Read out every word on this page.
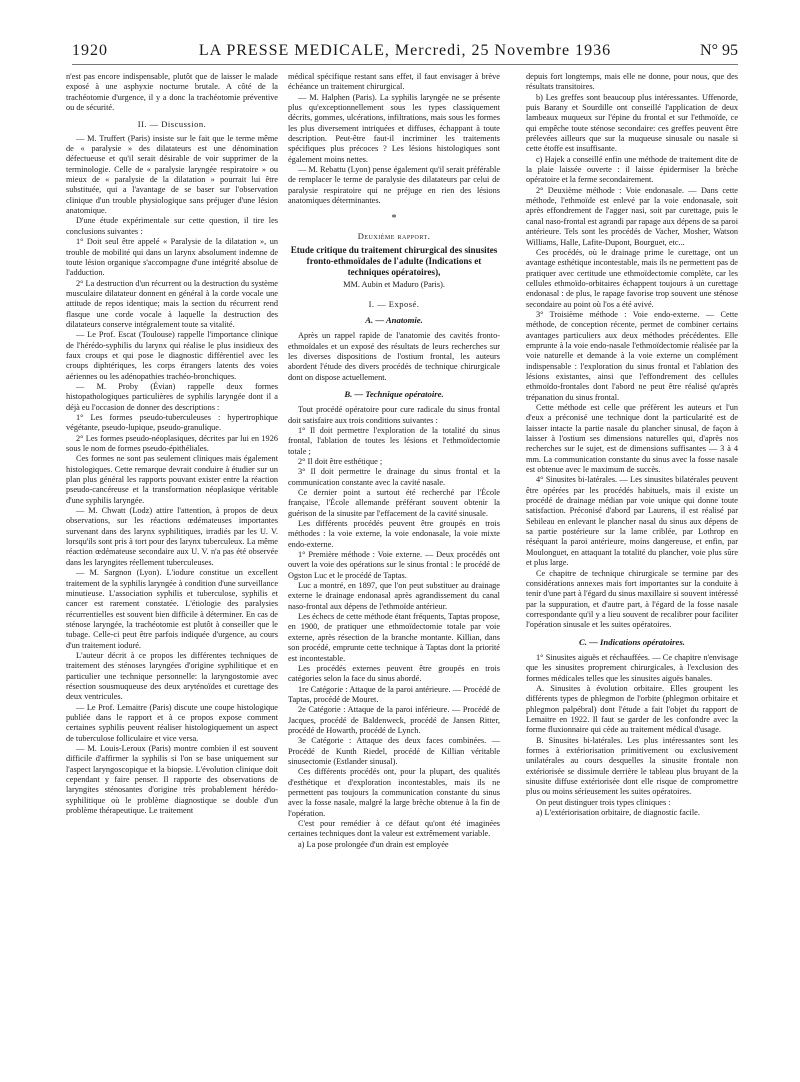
1920	LA PRESSE MEDICALE, Mercredi, 25 Novembre 1936	N° 95

n'est pas encore indispensable, plutôt que de laisser le malade exposé à une asphyxie nocturne brutale. A côté de la trachéotomie d'urgence, il y a donc la trachéotomie préventive ou de sécurité.

II. — Discussion.

— M. Truffert (Paris) insiste sur le fait que le terme même de « paralysie » des dilatateurs est une dénomination défectueuse et qu'il serait désirable de voir supprimer de la terminologie. Celle de « paralysie laryngée respiratoire » ou mieux de « paralysie de la dilatation » pourrait lui être substituée, qui a l'avantage de se baser sur l'observation clinique d'un trouble physiologique sans préjuger d'une lésion anatomique.

D'une étude expérimentale sur cette question, il tire les conclusions suivantes :

1° Doit seul être appelé « Paralysie de la dilatation », un trouble de mobilité qui dans un larynx absolument indemne de toute lésion organique s'accompagne d'une intégrité absolue de l'adduction.

2° La destruction d'un récurrent ou la destruction du système musculaire dilatateur donnent en général à la corde vocale une attitude de repos identique; mais la section du récurrent rend flasque une corde vocale à laquelle la destruction des dilatateurs conserve intégralement toute sa vitalité.

— Le Prof. Escat (Toulouse) rappelle l'importance clinique de l'hérédo-syphilis du larynx qui réalise le plus insidieux des faux croups et qui pose le diagnostic différentiel avec les croups diphtériques, les corps étrangers latents des voies aériennes ou les adénopathies trachéo-bronchiques.

— M. Proby (Évian) rappelle deux formes histopathologiques particulières de syphilis laryngée dont il a déjà eu l'occasion de donner des descriptions :

1° Les formes pseudo-tuberculeuses : hypertrophique végétante, pseudo-lupique, pseudo-granulique.

2° Les formes pseudo-néoplasiques, décrites par lui en 1926 sous le nom de formes pseudo-épithéliales.

Ces formes ne sont pas seulement cliniques mais également histologiques. Cette remarque devrait conduire à étudier sur un plan plus général les rapports pouvant exister entre la réaction pseudo-cancéreuse et la transformation néoplasique véritable d'une syphilis laryngée.

— M. Chwatt (Lodz) attire l'attention, à propos de deux observations, sur les réactions œdémateuses importantes survenant dans des larynx syphilitiques, irradiés par les U. V. lorsqu'ils sont pris à tort pour des larynx tuberculeux. La même réaction œdémateuse secondaire aux U. V. n'a pas été observée dans les laryngites réellement tuberculeuses.

— M. Sargnon (Lyon). L'iodure constitue un excellent traitement de la syphilis laryngée à condition d'une surveillance minutieuse. L'association syphilis et tuberculose, syphilis et cancer est rarement constatée. L'étiologie des paralysies récurrentielles est souvent bien difficile à déterminer. En cas de sténose laryngée, la trachéotomie est plutôt à conseiller que le tubage. Celle-ci peut être parfois indiquée d'urgence, au cours d'un traitement ioduré.

L'auteur décrit à ce propos les différentes techniques de traitement des sténoses laryngées d'origine syphilitique et en particulier une technique personnelle: la laryngostomie avec résection sousmuqueuse des deux aryténoïdes et curettage des deux ventricules.

— Le Prof. Lemaitre (Paris) discute une coupe histologique publiée dans le rapport et à ce propos expose comment certaines syphilis peuvent réaliser histologiquement un aspect de tuberculose folliculaire et vice versa.

— M. Louis-Leroux (Paris) montre combien il est souvent difficile d'affirmer la syphilis si l'on se base uniquement sur l'aspect laryngoscopique et la biopsie. L'évolution clinique doit cependant y faire penser. Il rapporte des observations de laryngites sténosantes d'origine très probablement hérédo-syphilitique où le problème diagnostique se double d'un problème thérapeutique. Le traitement

médical spécifique restant sans effet, il faut envisager à brève échéance un traitement chirurgical.

— M. Halphen (Paris). La syphilis laryngée ne se présente plus qu'exceptionnellement sous les types classiquement décrits, gommes, ulcérations, infiltrations, mais sous les formes les plus diversement intriquées et diffuses, échappant à toute description. Peut-être faut-il incriminer les traitements spécifiques plus précoces ? Les lésions histologiques sont également moins nettes.

— M. Rebattu (Lyon) pense également qu'il serait préférable de remplacer le terme de paralysie des dilatateurs par celui de paralysie respiratoire qui ne préjuge en rien des lésions anatomiques déterminantes.

*
Deuxième rapport.
Etude critique du traitement chirurgical des sinusites fronto-ethmoïdales de l'adulte (Indications et techniques opératoires),
MM. Aubin et Maduro (Paris).
I. — Exposé.
A. — Anatomie.

Après un rappel rapide de l'anatomie des cavités fronto-ethmoïdales et un exposé des résultats de leurs recherches sur les diverses dispositions de l'ostium frontal, les auteurs abordent l'étude des divers procédés de technique chirurgicale dont on dispose actuellement.

B. — Technique opératoire.

Tout procédé opératoire pour cure radicale du sinus frontal doit satisfaire aux trois conditions suivantes :

1° Il doit permettre l'exploration de la totalité du sinus frontal, l'ablation de toutes les lésions et l'ethmoïdectomie totale ;

2° Il doit être esthétique ;

3° Il doit permettre le drainage du sinus frontal et la communication constante avec la cavité nasale.

Ce dernier point a surtout été recherché par l'École française, l'École allemande préférant souvent obtenir la guérison de la sinusite par l'effacement de la cavité sinusale.

Les différents procédés peuvent être groupés en trois méthodes : la voie externe, la voie endonasale, la voie mixte endo-externe.

1° Première méthode : Voie externe. — Deux procédés ont ouvert la voie des opérations sur le sinus frontal : le procédé de Ogston Luc et le procédé de Taptas.

Luc a montré, en 1897, que l'on peut substituer au drainage externe le drainage endonasal après agrandissement du canal naso-frontal aux dépens de l'ethmoïde antérieur.

Les échecs de cette méthode étant fréquents, Taptas propose, en 1900, de pratiquer une ethmoïdectomie totale par voie externe, après résection de la branche montante. Killian, dans son procédé, emprunte cette technique à Taptas dont la priorité est incontestable.

Les procédés externes peuvent être groupés en trois catégories selon la face du sinus abordé.

1re Catégorie : Attaque de la paroi antérieure. — Procédé de Taptas, procédé de Mouret.

2e Catégorie : Attaque de la paroi inférieure. — Procédé de Jacques, procédé de Baldenweck, procédé de Jansen Ritter, procédé de Howarth, procédé de Lynch.

3e Catégorie : Attaque des deux faces combinées. — Procédé de Kunth Riedel, procédé de Killian véritable sinusectomie (Estlander sinusal).

Ces différents procédés ont, pour la plupart, des qualités d'esthétique et d'exploration incontestables, mais ils ne permettent pas toujours la communication constante du sinus avec la fosse nasale, malgré la large brèche obtenue à la fin de l'opération.

C'est pour remédier à ce défaut qu'ont été imaginées certaines techniques dont la valeur est extrêmement variable.

a) La pose prolongée d'un drain est employée

depuis fort longtemps, mais elle ne donne, pour nous, que des résultats transitoires.

b) Les greffes sont beaucoup plus intéressantes. Uffenorde, puis Barany et Sourdille ont conseillé l'application de deux lambeaux muqueux sur l'épine du frontal et sur l'ethmoïde, ce qui empêche toute sténose secondaire: ces greffes peuvent être prélevées ailleurs que sur la muqueuse sinusale ou nasale si cette étoffe est insuffisante.

c) Hajek a conseillé enfin une méthode de traitement dite de la plaie laissée ouverte : il laisse épidermiser la brèche opératoire et la ferme secondairement.

2° Deuxième méthode : Voie endonasale. — Dans cette méthode, l'ethmoïde est enlevé par la voie endonasale, soit après effondrement de l'agger nasi, soit par curettage, puis le canal naso-frontal est agrandi par rapage aux dépens de sa paroi antérieure. Tels sont les procédés de Vacher, Mosher, Watson Williams, Halle, Lafite-Dupont, Bourguet, etc...

Ces procédés, où le drainage prime le curettage, ont un avantage esthétique incontestable, mais ils ne permettent pas de pratiquer avec certitude une ethmoïdectomie complète, car les cellules ethmoïdo-orbitaires échappent toujours à un curettage endonasal : de plus, le rapage favorise trop souvent une sténose secondaire au point où l'os a été avivé.

3° Troisième méthode : Voie endo-externe. — Cette méthode, de conception récente, permet de combiner certains avantages particuliers aux deux méthodes précédentes. Elle emprunte à la voie endo-nasale l'ethmoïdectomie réalisée par la voie naturelle et demande à la voie externe un complément indispensable : l'exploration du sinus frontal et l'ablation des lésions existantes, ainsi que l'effondrement des cellules ethmoïdo-frontales dont l'abord ne peut être réalisé qu'après trépanation du sinus frontal.

Cette méthode est celle que préfèrent les auteurs et l'un d'eux a préconisé une technique dont la particularité est de laisser intacte la partie nasale du plancher sinusal, de façon à laisser à l'ostium ses dimensions naturelles qui, d'après nos recherches sur le sujet, est de dimensions suffisantes — 3 à 4 mm. La communication constante du sinus avec la fosse nasale est obtenue avec le maximum de succès.

4° Sinusites bi-latérales. — Les sinusites bilatérales peuvent être opérées par les procédés habituels, mais il existe un procédé de drainage médian par voie unique qui donne toute satisfaction. Préconisé d'abord par Laurens, il est réalisé par Sebileau en enlevant le plancher nasal du sinus aux dépens de sa partie postérieure sur la lame criblée, par Lothrop en réséquant la paroi antérieure, moins dangereuse, et enfin, par Moulonguet, en attaquant la totalité du plancher, voie plus sûre et plus large.

Ce chapitre de technique chirurgicale se termine par des considérations annexes mais fort importantes sur la conduite à tenir d'une part à l'égard du sinus maxillaire si souvent intéressé par la suppuration, et d'autre part, à l'égard de la fosse nasale correspondante qu'il y a lieu souvent de recalibrer pour faciliter l'opération sinusale et les suites opératoires.

C. — Indications opératoires.

1° Sinusites aiguës et réchauffées. — Ce chapitre n'envisage que les sinusites proprement chirurgicales, à l'exclusion des formes médicales telles que les sinusites aiguës banales.

A. Sinusites à évolution orbitaire. Elles groupent les différents types de phlegmon de l'orbite (phlegmon orbitaire et phlegmon palpébral) dont l'étude a fait l'objet du rapport de Lemaitre en 1922. Il faut se garder de les confondre avec la forme fluxionnaire qui cède au traitement médical d'usage.

B. Sinusites bi-latérales. Les plus intéressantes sont les formes à extériorisation primitivement ou exclusivement unilatérales au cours desquelles la sinusite frontale non extériorisée se dissimule derrière le tableau plus bruyant de la sinusite diffuse extériorisée dont elle risque de compromettre plus ou moins sérieusement les suites opératoires.

On peut distinguer trois types cliniques :

a) L'extériorisation orbitaire, de diagnostic facile.
